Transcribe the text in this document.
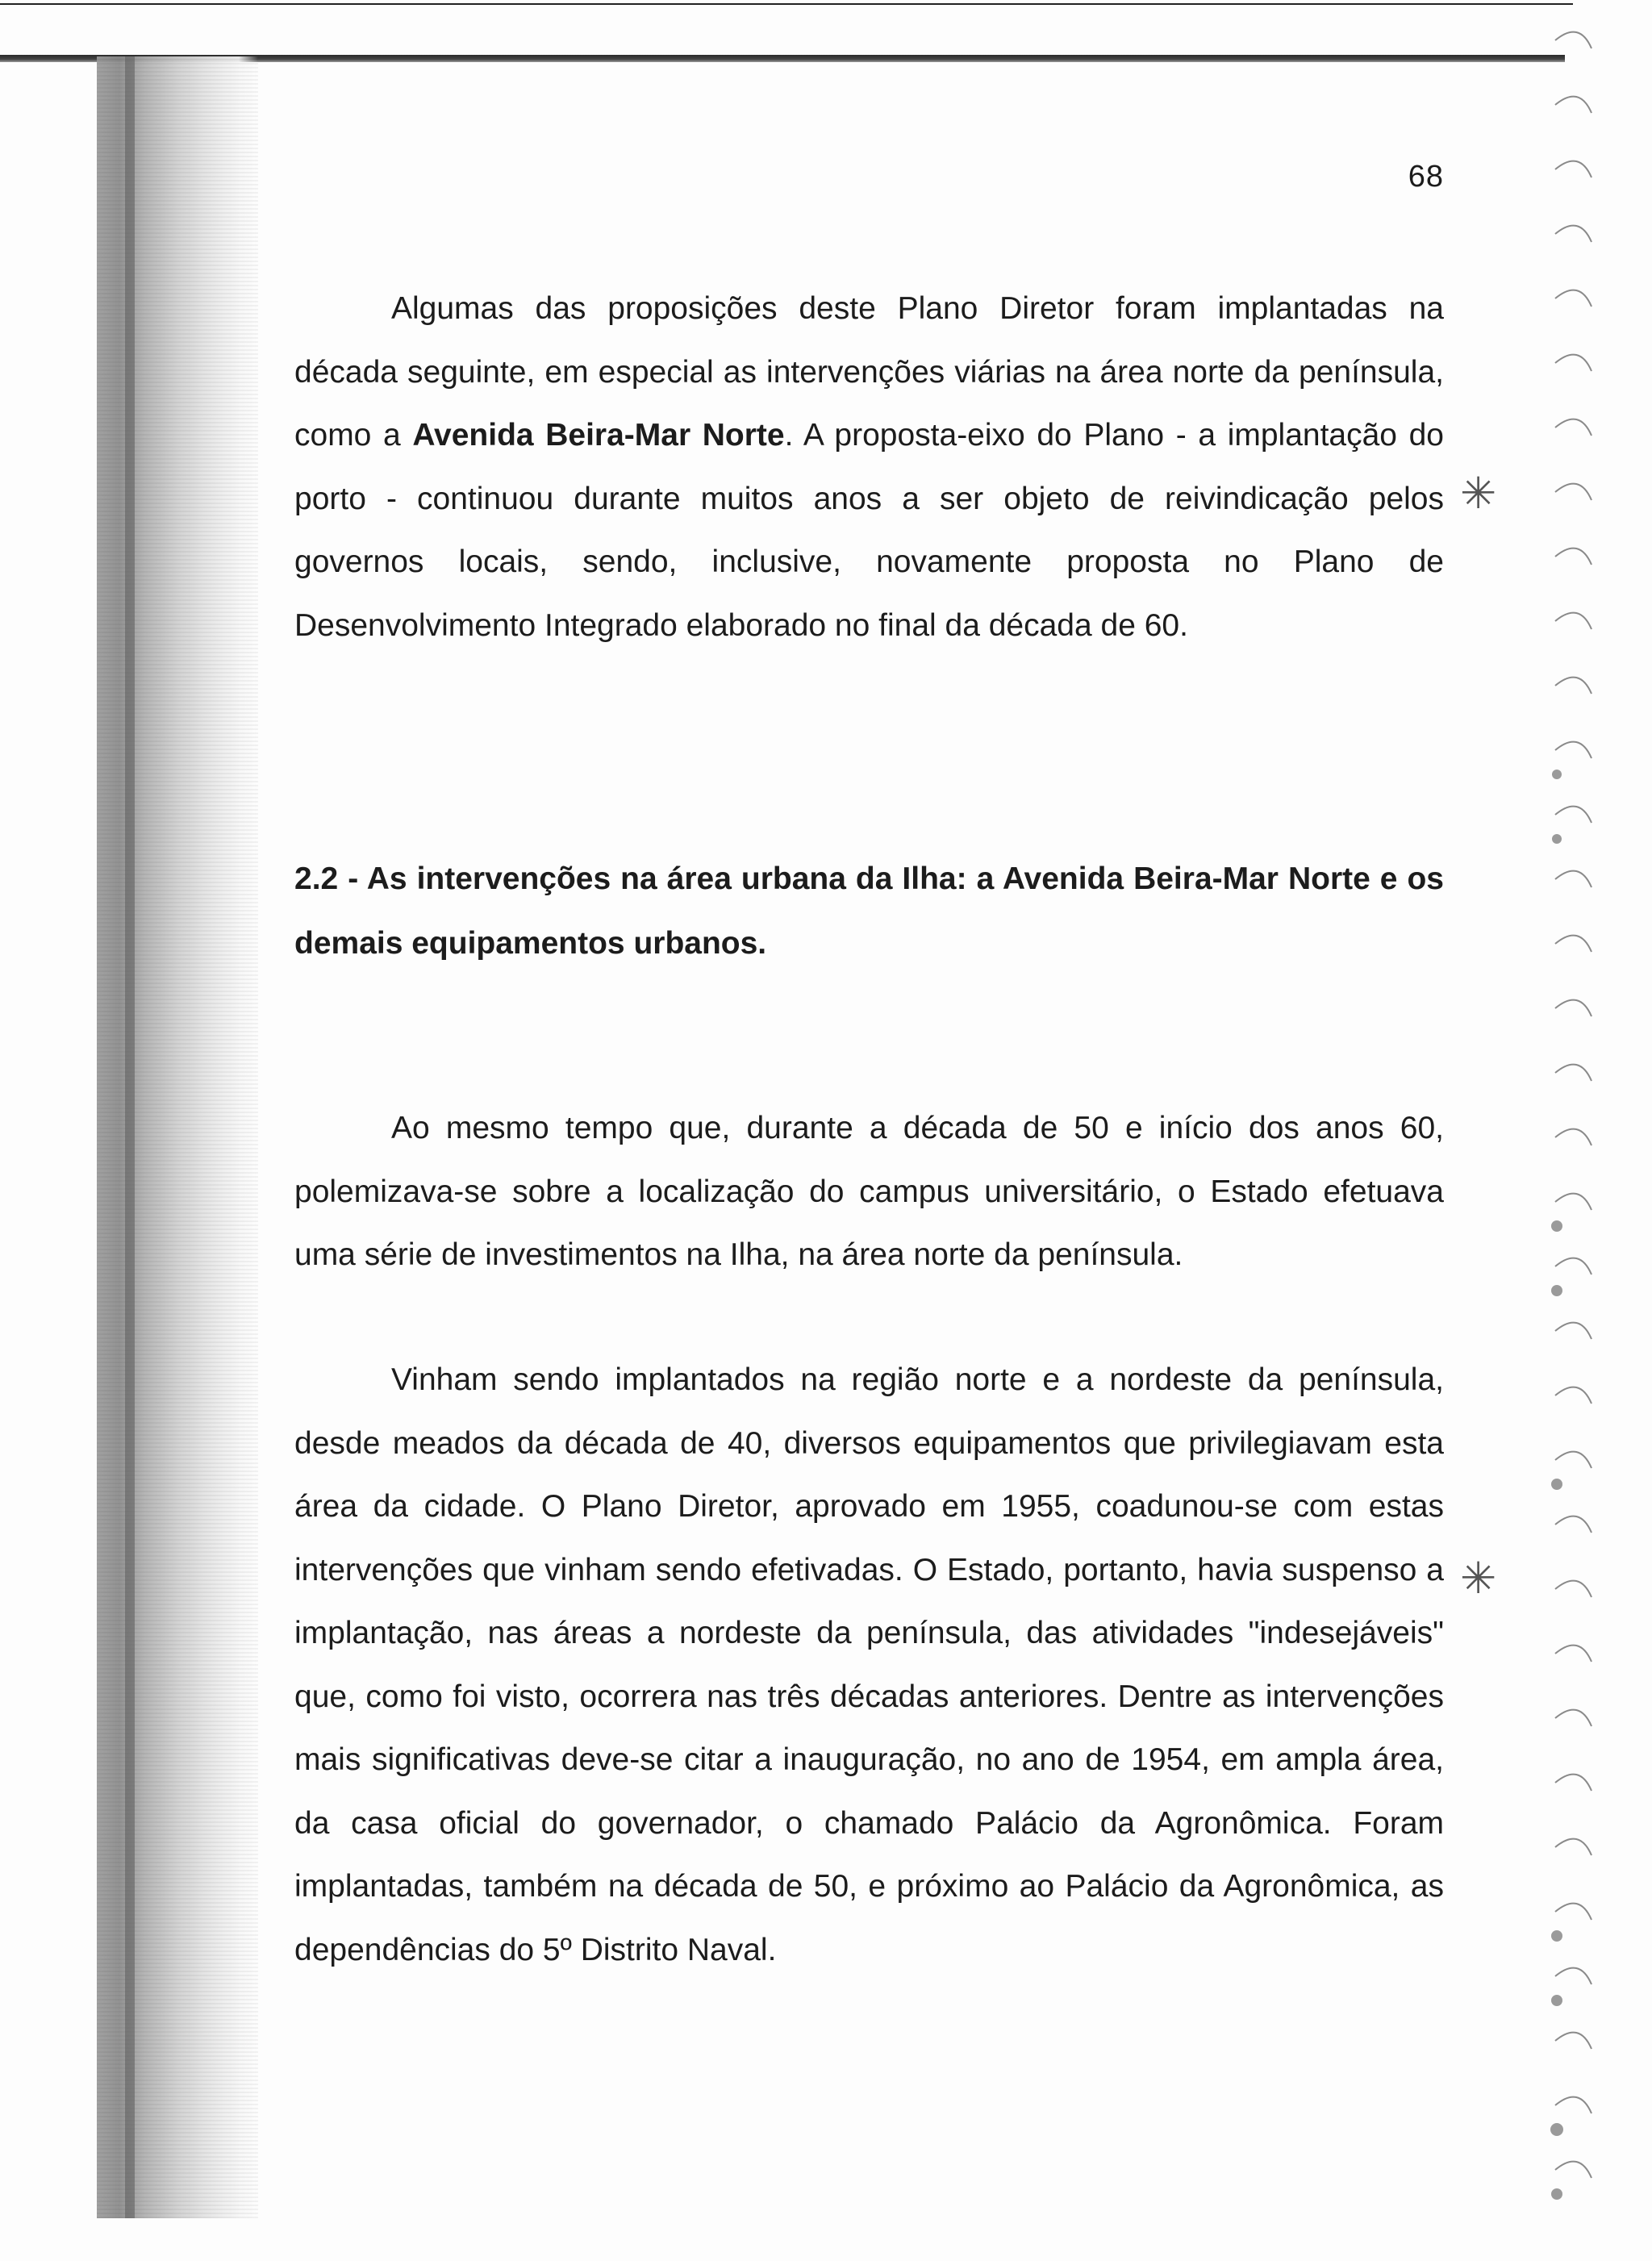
68

Algumas das proposições deste Plano Diretor foram implantadas na década seguinte, em especial as intervenções viárias na área norte da península, como a Avenida Beira-Mar Norte. A proposta-eixo do Plano - a implantação do porto - continuou durante muitos anos a ser objeto de reivindicação pelos governos locais, sendo, inclusive, novamente proposta no Plano de Desenvolvimento Integrado elaborado no final da década de 60.

2.2 - As intervenções na área urbana da Ilha: a Avenida Beira-Mar Norte e os demais equipamentos urbanos.

Ao mesmo tempo que, durante a década de 50 e início dos anos 60, polemizava-se sobre a localização do campus universitário, o Estado efetuava uma série de investimentos na Ilha, na área norte da península.

Vinham sendo implantados na região norte e a nordeste da península, desde meados da década de 40, diversos equipamentos que privilegiavam esta área da cidade. O Plano Diretor, aprovado em 1955, coadunou-se com estas intervenções que vinham sendo efetivadas. O Estado, portanto, havia suspenso a implantação, nas áreas a nordeste da península, das atividades "indesejáveis" que, como foi visto, ocorrera nas três décadas anteriores. Dentre as intervenções mais significativas deve-se citar a inauguração, no ano de 1954, em ampla área, da casa oficial do governador, o chamado Palácio da Agronômica. Foram implantadas, também na década de 50, e próximo ao Palácio da Agronômica, as dependências do 5º Distrito Naval.

✳
✳
